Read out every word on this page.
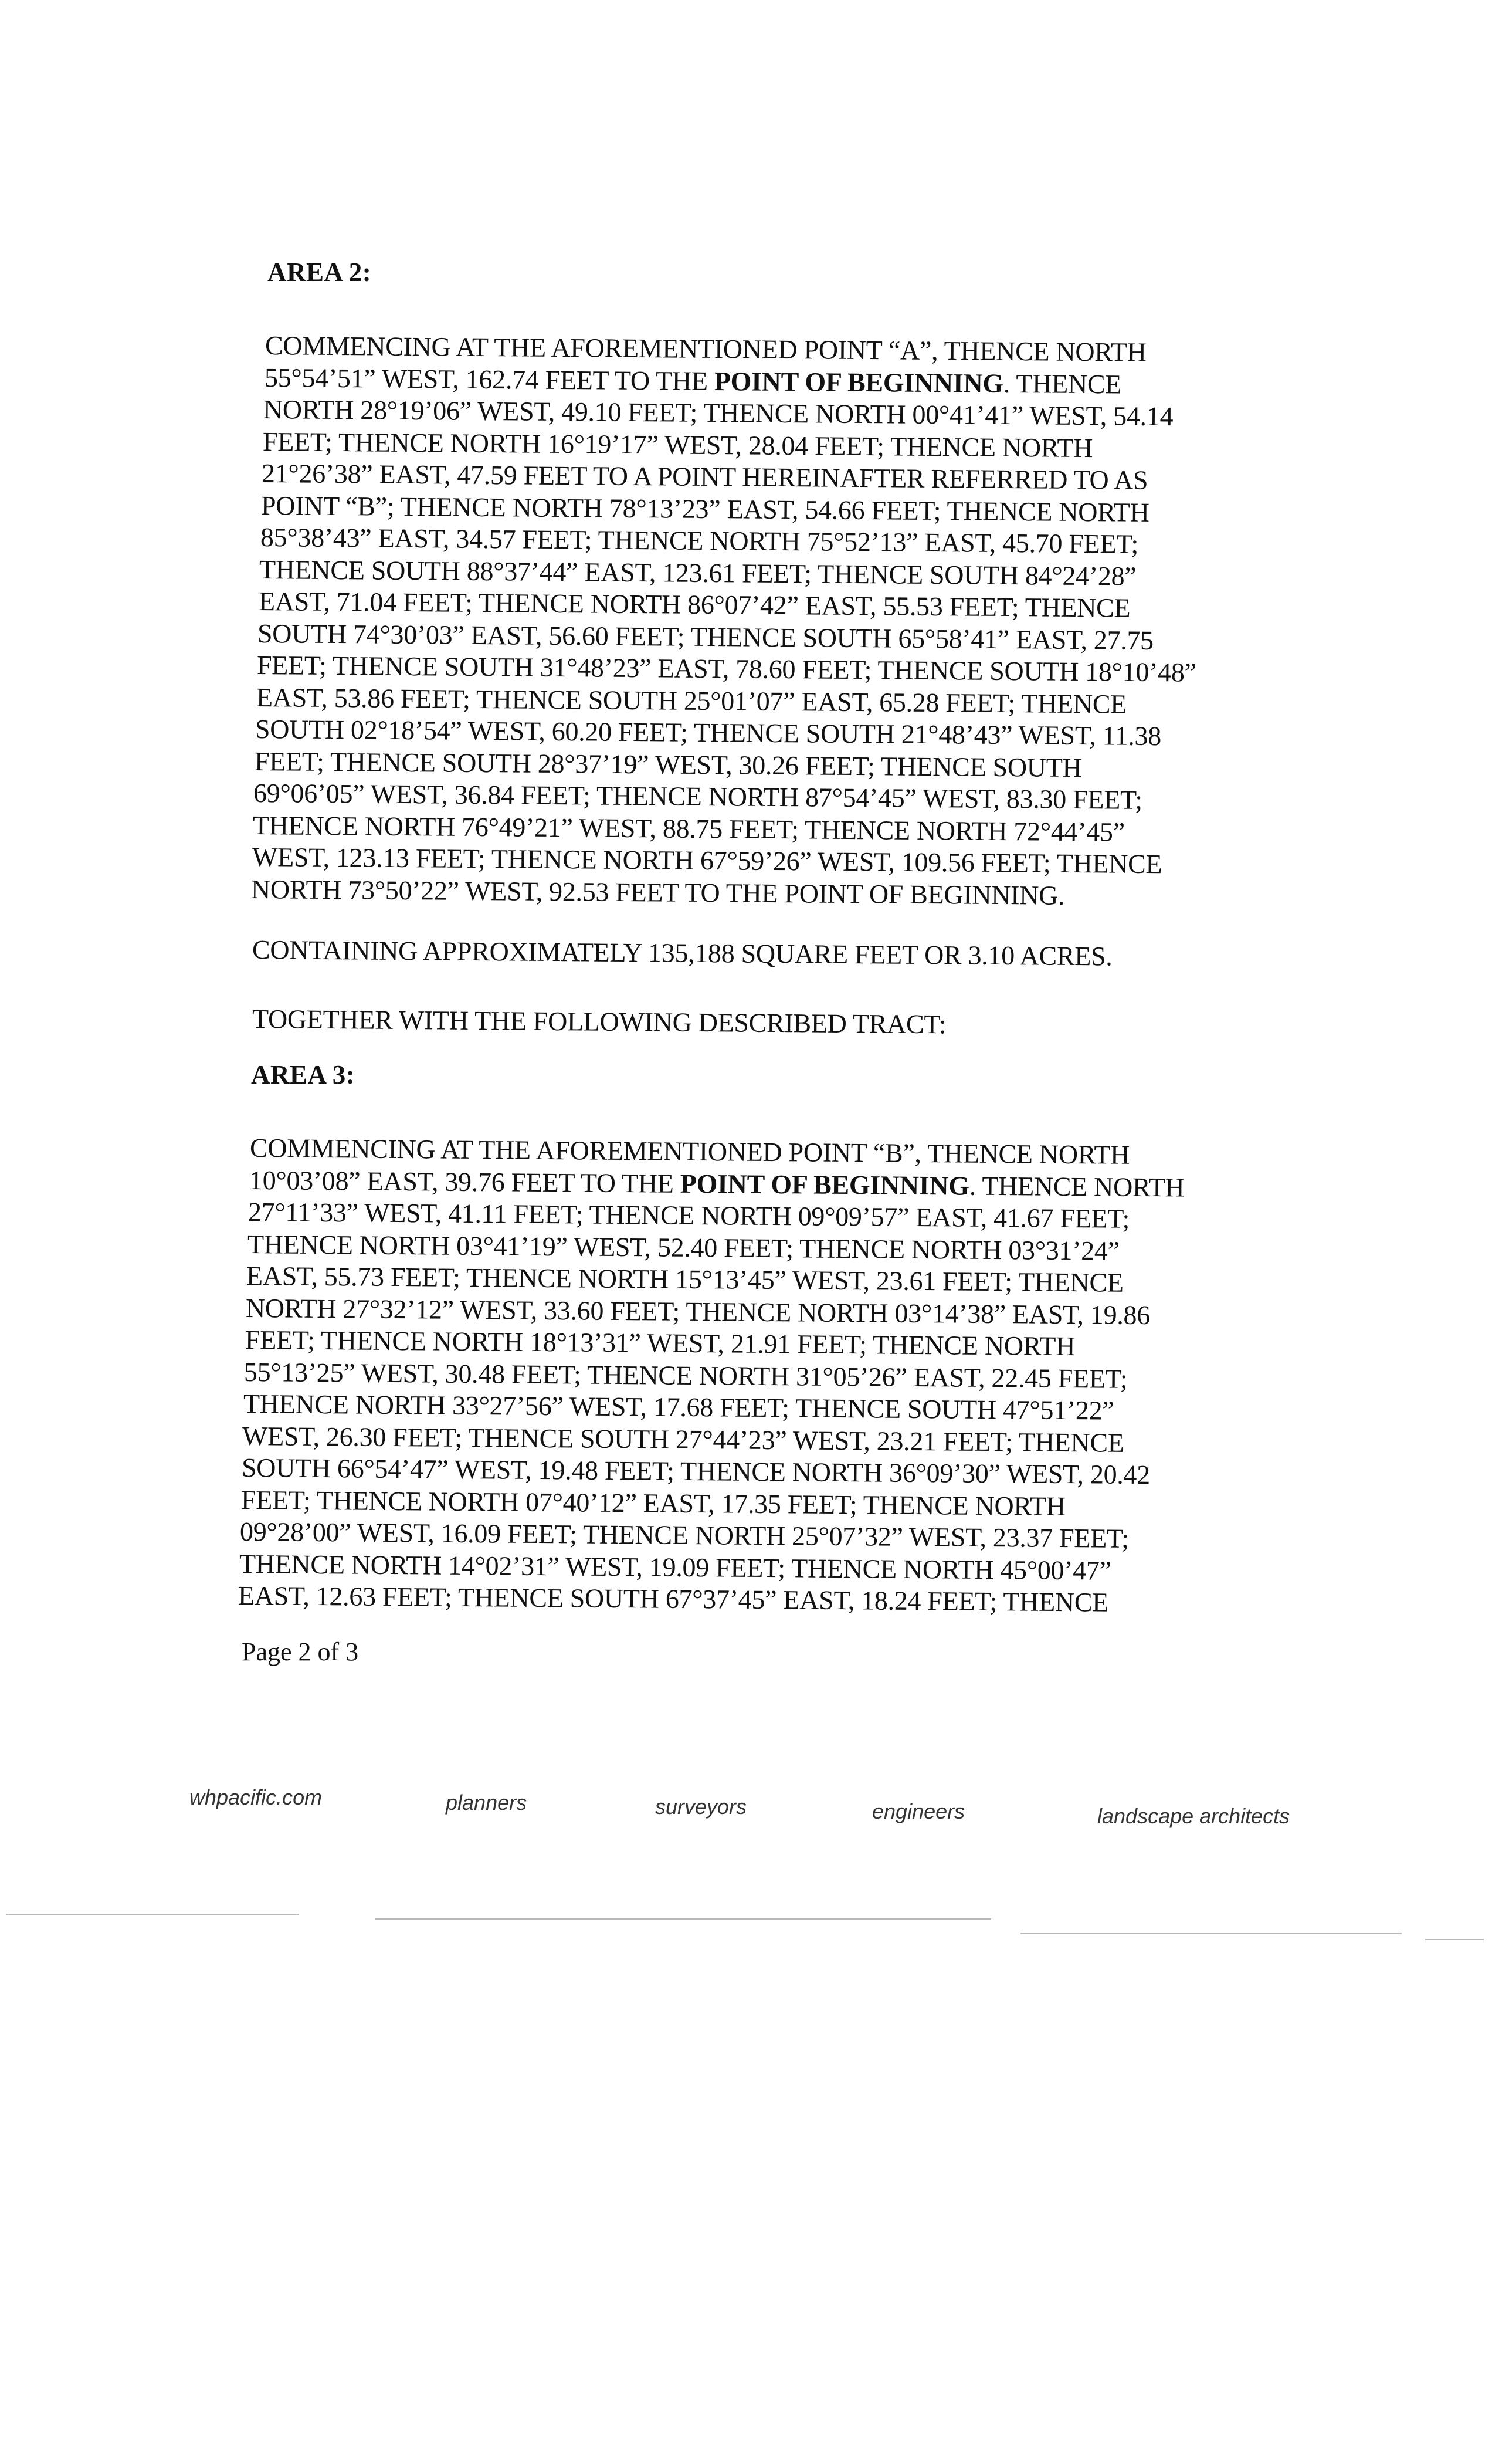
AREA 2:
COMMENCING AT THE AFOREMENTIONED POINT “A”, THENCE NORTH
55°54’51” WEST, 162.74 FEET TO THE POINT OF BEGINNING. THENCE
NORTH 28°19’06” WEST, 49.10 FEET; THENCE NORTH 00°41’41” WEST, 54.14
FEET; THENCE NORTH 16°19’17” WEST, 28.04 FEET; THENCE NORTH
21°26’38” EAST, 47.59 FEET TO A POINT HEREINAFTER REFERRED TO AS
POINT “B”; THENCE NORTH 78°13’23” EAST, 54.66 FEET; THENCE NORTH
85°38’43” EAST, 34.57 FEET; THENCE NORTH 75°52’13” EAST, 45.70 FEET;
THENCE SOUTH 88°37’44” EAST, 123.61 FEET; THENCE SOUTH 84°24’28”
EAST, 71.04 FEET; THENCE NORTH 86°07’42” EAST, 55.53 FEET; THENCE
SOUTH 74°30’03” EAST, 56.60 FEET; THENCE SOUTH 65°58’41” EAST, 27.75
FEET; THENCE SOUTH 31°48’23” EAST, 78.60 FEET; THENCE SOUTH 18°10’48”
EAST, 53.86 FEET; THENCE SOUTH 25°01’07” EAST, 65.28 FEET; THENCE
SOUTH 02°18’54” WEST, 60.20 FEET; THENCE SOUTH 21°48’43” WEST, 11.38
FEET; THENCE SOUTH 28°37’19” WEST, 30.26 FEET; THENCE SOUTH
69°06’05” WEST, 36.84 FEET; THENCE NORTH 87°54’45” WEST, 83.30 FEET;
THENCE NORTH 76°49’21” WEST, 88.75 FEET; THENCE NORTH 72°44’45”
WEST, 123.13 FEET; THENCE NORTH 67°59’26” WEST, 109.56 FEET; THENCE
NORTH 73°50’22” WEST, 92.53 FEET TO THE POINT OF BEGINNING.
CONTAINING APPROXIMATELY 135,188 SQUARE FEET OR 3.10 ACRES.
TOGETHER WITH THE FOLLOWING DESCRIBED TRACT:
AREA 3:
COMMENCING AT THE AFOREMENTIONED POINT “B”, THENCE NORTH
10°03’08” EAST, 39.76 FEET TO THE POINT OF BEGINNING. THENCE NORTH
27°11’33” WEST, 41.11 FEET; THENCE NORTH 09°09’57” EAST, 41.67 FEET;
THENCE NORTH 03°41’19” WEST, 52.40 FEET; THENCE NORTH 03°31’24”
EAST, 55.73 FEET; THENCE NORTH 15°13’45” WEST, 23.61 FEET; THENCE
NORTH 27°32’12” WEST, 33.60 FEET; THENCE NORTH 03°14’38” EAST, 19.86
FEET; THENCE NORTH 18°13’31” WEST, 21.91 FEET; THENCE NORTH
55°13’25” WEST, 30.48 FEET; THENCE NORTH 31°05’26” EAST, 22.45 FEET;
THENCE NORTH 33°27’56” WEST, 17.68 FEET; THENCE SOUTH 47°51’22”
WEST, 26.30 FEET; THENCE SOUTH 27°44’23” WEST, 23.21 FEET; THENCE
SOUTH 66°54’47” WEST, 19.48 FEET; THENCE NORTH 36°09’30” WEST, 20.42
FEET; THENCE NORTH 07°40’12” EAST, 17.35 FEET; THENCE NORTH
09°28’00” WEST, 16.09 FEET; THENCE NORTH 25°07’32” WEST, 23.37 FEET;
THENCE NORTH 14°02’31” WEST, 19.09 FEET; THENCE NORTH 45°00’47”
EAST, 12.63 FEET; THENCE SOUTH 67°37’45” EAST, 18.24 FEET; THENCE
Page 2 of 3
whpacific.com	planners	surveyors	engineers	landscape architects
